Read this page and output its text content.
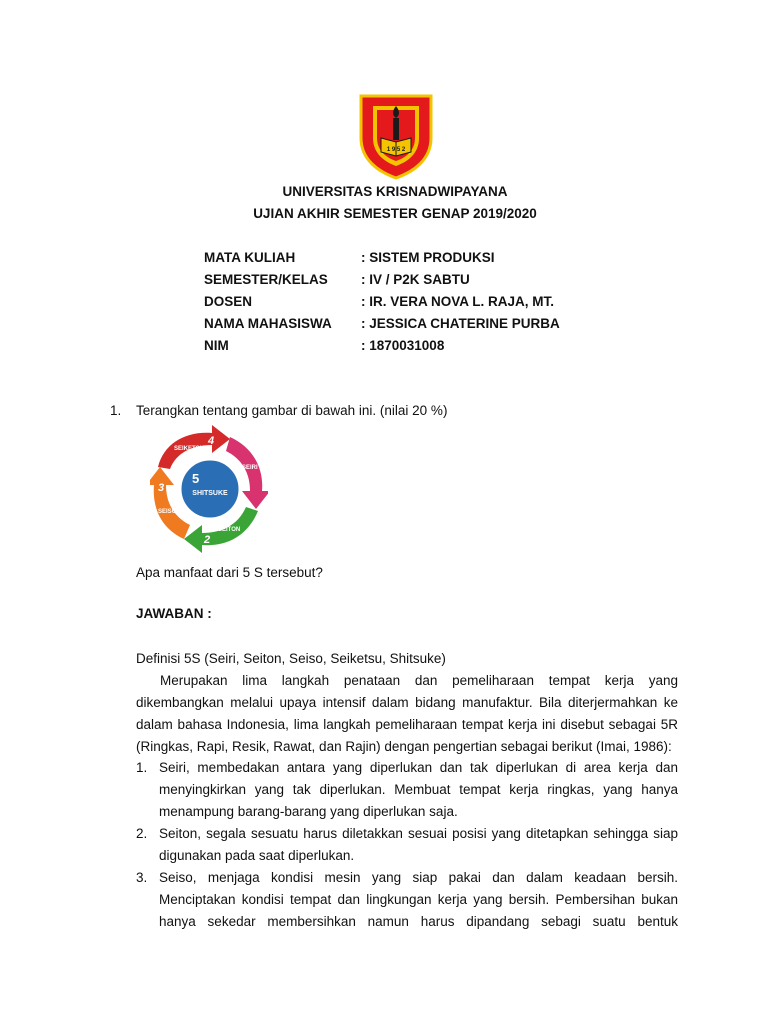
1 9 5 2
UNIVERSITAS KRISNADWIPAYANA
UJIAN AKHIR SEMESTER GENAP 2019/2020
MATA KULIAH	: SISTEM PRODUKSI
SEMESTER/KELAS : IV / P2K SABTU
DOSEN	: IR. VERA NOVA L. RAJA, MT.
NAMA MAHASISWA : JESSICA CHATERINE PURBA
NIM	: 1870031008
1. Terangkan tentang gambar di bawah ini. (nilai 20 %)
5
SHITSUKE
SEIKETSU
4
SEIRI
1
SEITON
2
SEISO
3
Apa manfaat dari 5 S tersebut?
JAWABAN :
Definisi 5S (Seiri, Seiton, Seiso, Seiketsu, Shitsuke)
Merupakan lima langkah penataan dan pemeliharaan tempat kerja yang
dikembangkan melalui upaya intensif dalam bidang manufaktur. Bila diterjermahkan ke
dalam bahasa Indonesia, lima langkah pemeliharaan tempat kerja ini disebut sebagai 5R
(Ringkas, Rapi, Resik, Rawat, dan Rajin) dengan pengertian sebagai berikut (Imai, 1986):
1. Seiri, membedakan antara yang diperlukan dan tak diperlukan di area kerja dan
menyingkirkan yang tak diperlukan. Membuat tempat kerja ringkas, yang hanya
menampung barang-barang yang diperlukan saja.
2. Seiton, segala sesuatu harus diletakkan sesuai posisi yang ditetapkan sehingga siap
digunakan pada saat diperlukan.
3. Seiso, menjaga kondisi mesin yang siap pakai dan dalam keadaan bersih.
Menciptakan kondisi tempat dan lingkungan kerja yang bersih. Pembersihan bukan
hanya sekedar membersihkan namun harus dipandang sebagi suatu bentuk
